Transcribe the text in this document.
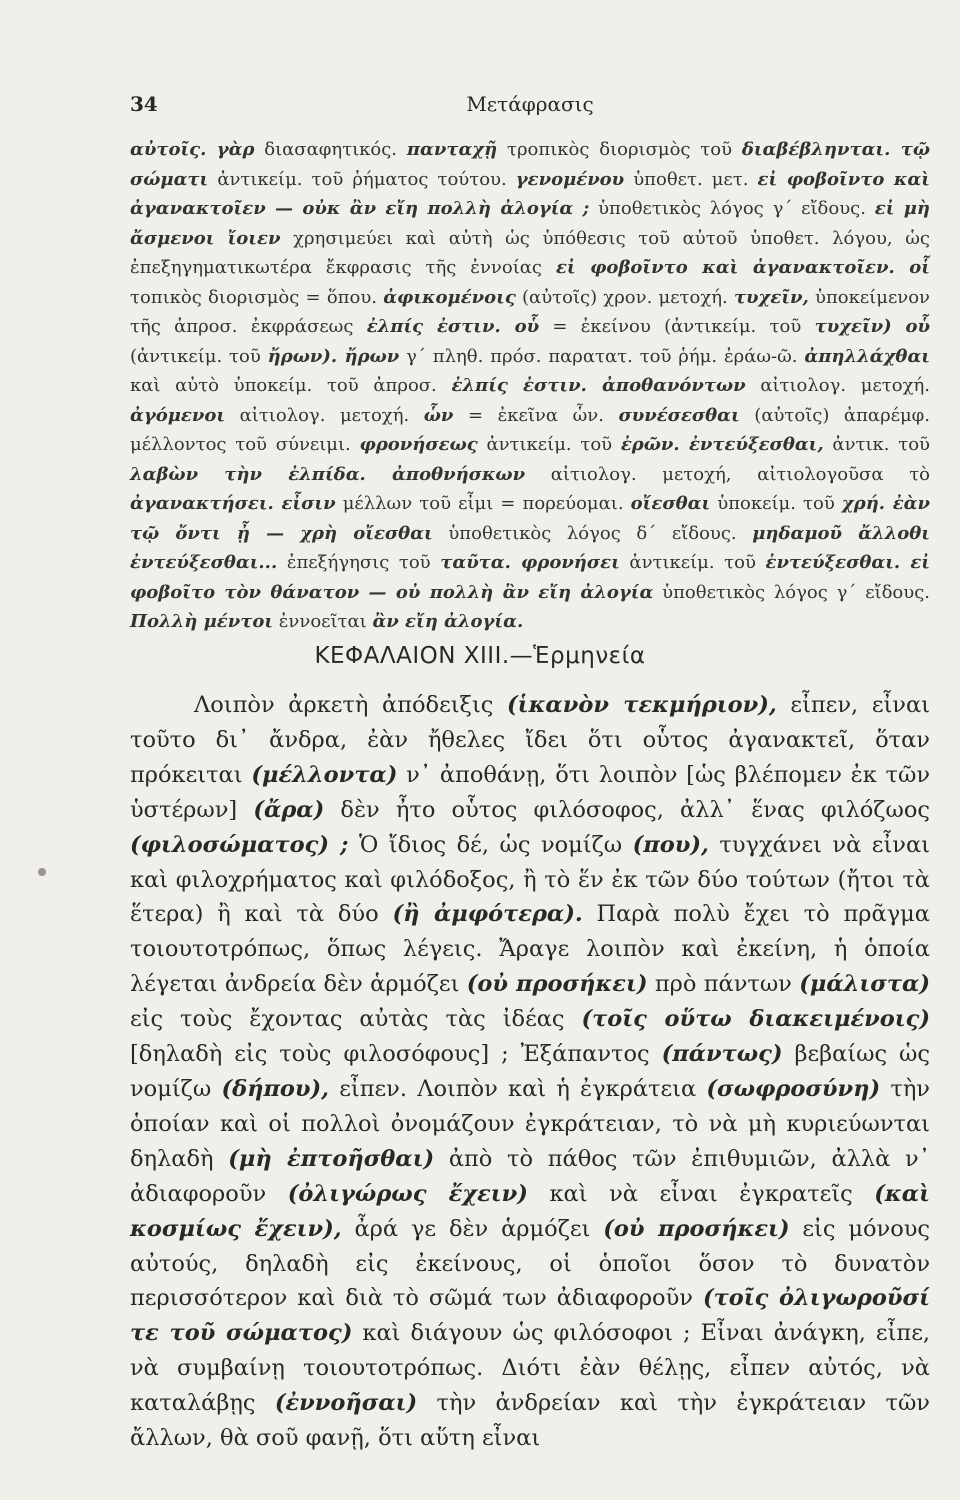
34	Μετάφρασις
αὐτοῖς. γὰρ διασαφητικός. πανταχῇ τροπικὸς διορισμὸς τοῦ διαβέβληνται. τῷ σώματι ἀντικείμ. τοῦ ῥήματος τούτου. γενομένου ὑποθετ. μετ. εἰ φοβοῖντο καὶ ἀγανακτοῖεν — οὐκ ἂν εἴη πολλὴ ἀλογία ; ὑποθετικὸς λόγος γ΄ εἴδους. εἰ μὴ ἄσμενοι ἴοιεν χρησιμεύει καὶ αὐτὴ ὡς ὑπόθεσις τοῦ αὐτοῦ ὑποθετ. λόγου, ὡς ἐπεξηγηματικωτέρα ἔκφρασις τῆς ἐννοίας εἰ φοβοῖντο καὶ ἀγανακτοῖεν. οἷ τοπικὸς διορισμὸς = ὅπου. ἀφικομένοις (αὐτοῖς) χρον. μετοχή. τυχεῖν, ὑποκείμενον τῆς ἀπροσ. ἐκφράσεως ἐλπίς ἐστιν. οὗ = ἐκείνου (ἀντικείμ. τοῦ τυχεῖν) οὗ (ἀντικείμ. τοῦ ἤρων). ἤρων γ΄ πληθ. πρόσ. παρατατ. τοῦ ῥήμ. ἐράω-ῶ. ἀπηλλάχθαι καὶ αὐτὸ ὑποκείμ. τοῦ ἀπροσ. ἐλπίς ἐστιν. ἀποθανόντων αἰτιολογ. μετοχή. ἀγόμενοι αἰτιολογ. μετοχή. ὧν = ἐκεῖνα ὧν. συνέσεσθαι (αὐτοῖς) ἀπαρέμφ. μέλλοντος τοῦ σύνειμι. φρονήσεως ἀντικείμ. τοῦ ἐρῶν. ἐντεύξεσθαι, ἀντικ. τοῦ λαβὼν τὴν ἐλπίδα. ἀποθνήσκων αἰτιολογ. μετοχή, αἰτιολογοῦσα τὸ ἀγανακτήσει. εἶσιν μέλλων τοῦ εἶμι = πορεύομαι. οἴεσθαι ὑποκείμ. τοῦ χρή. ἐὰν τῷ ὄντι ᾖ — χρὴ οἴεσθαι ὑποθετικὸς λόγος δ΄ εἴδους. μηδαμοῦ ἄλλοθι ἐντεύξεσθαι... ἐπεξήγησις τοῦ ταῦτα. φρονήσει ἀντικείμ. τοῦ ἐντεύξεσθαι. εἰ φοβοῖτο τὸν θάνατον — οὐ πολλὴ ἂν εἴη ἀλογία ὑποθετικὸς λόγος γ΄ εἴδους. Πολλὴ μέντοι ἐννοεῖται ἂν εἴη ἀλογία.
ΚΕΦΑΛΑΙΟΝ XIII.—Ἑρμηνεία

Λοιπὸν ἀρκετὴ ἀπόδειξις (ἱκανὸν τεκμήριον), εἶπεν, εἶναι τοῦτο δι᾽ ἄνδρα, ἐὰν ἤθελες ἴδει ὅτι οὗτος ἀγανακτεῖ, ὅταν πρόκειται (μέλλοντα) ν᾽ ἀποθάνῃ, ὅτι λοιπὸν [ὡς βλέπομεν ἐκ τῶν ὑστέρων] (ἄρα) δὲν ἦτο οὗτος φιλόσοφος, ἀλλ᾽ ἕνας φιλόζωος (φιλοσώματος) ; Ὁ ἴδιος δέ, ὡς νομίζω (που), τυγχάνει νὰ εἶναι καὶ φιλοχρήματος καὶ φιλόδοξος, ἢ τὸ ἕν ἐκ τῶν δύο τούτων (ἤτοι τὰ ἕτερα) ἢ καὶ τὰ δύο (ἢ ἀμφότερα). Παρὰ πολὺ ἔχει τὸ πρᾶγμα τοιουτοτρόπως, ὅπως λέγεις. Ἄραγε λοιπὸν καὶ ἐκείνη, ἡ ὁποία λέγεται ἀνδρεία δὲν ἁρμόζει (οὐ προσήκει) πρὸ πάντων (μάλιστα) εἰς τοὺς ἔχοντας αὐτὰς τὰς ἰδέας (τοῖς οὕτω διακειμένοις) [δηλαδὴ εἰς τοὺς φιλοσόφους] ; Ἐξάπαντος (πάντως) βεβαίως ὡς νομίζω (δήπου), εἶπεν. Λοιπὸν καὶ ἡ ἐγκράτεια (σωφροσύνη) τὴν ὁποίαν καὶ οἱ πολλοὶ ὀνομάζουν ἐγκράτειαν, τὸ νὰ μὴ κυριεύωνται δηλαδὴ (μὴ ἐπτοῆσθαι) ἀπὸ τὸ πάθος τῶν ἐπιθυμιῶν, ἀλλὰ ν᾽ ἀδιαφοροῦν (ὀλιγώρως ἔχειν) καὶ νὰ εἶναι ἐγκρατεῖς (καὶ κοσμίως ἔχειν), ἆρά γε δὲν ἁρμόζει (οὐ προσήκει) εἰς μόνους αὐτούς, δηλαδὴ εἰς ἐκείνους, οἱ ὁποῖοι ὅσον τὸ δυνατὸν περισσότερον καὶ διὰ τὸ σῶμά των ἀδιαφοροῦν (τοῖς ὀλιγωροῦσί τε τοῦ σώματος) καὶ διάγουν ὡς φιλόσοφοι ; Εἶναι ἀνάγκη, εἶπε, νὰ συμβαίνῃ τοιουτοτρόπως. Διότι ἐὰν θέλῃς, εἶπεν αὐτός, νὰ καταλάβῃς (ἐννοῆσαι) τὴν ἀνδρείαν καὶ τὴν ἐγκράτειαν τῶν ἄλλων, θὰ σοῦ φανῇ, ὅτι αὕτη εἶναι
